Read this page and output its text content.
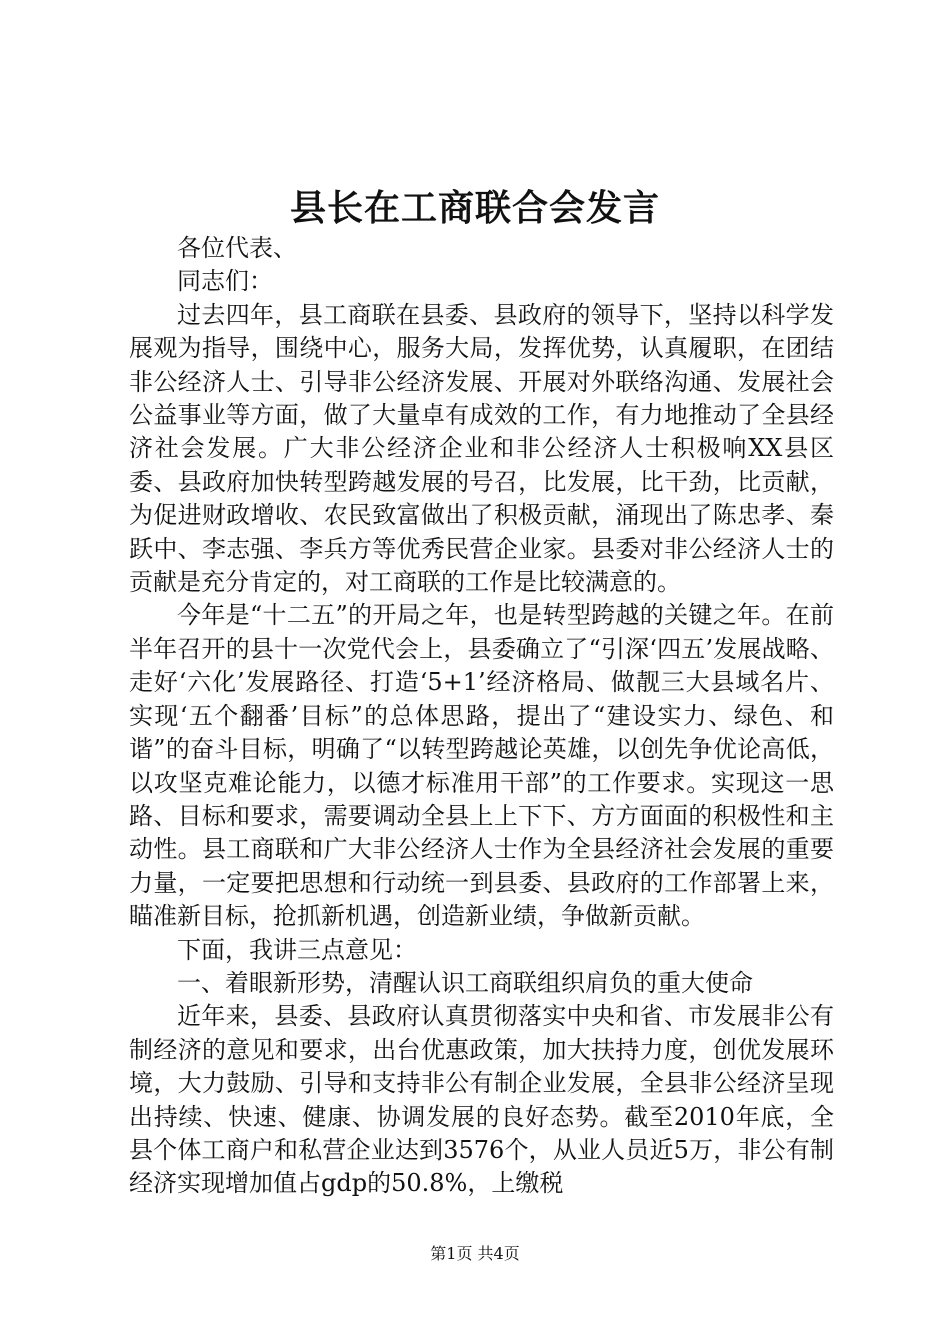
县长在工商联合会发言

各位代表、

同志们：

过去四年，县工商联在县委、县政府的领导下，坚持以科学发展观为指导，围绕中心，服务大局，发挥优势，认真履职，在团结非公经济人士、引导非公经济发展、开展对外联络沟通、发展社会公益事业等方面，做了大量卓有成效的工作，有力地推动了全县经济社会发展。广大非公经济企业和非公经济人士积极响XX县区委、县政府加快转型跨越发展的号召，比发展，比干劲，比贡献，为促进财政增收、农民致富做出了积极贡献，涌现出了陈忠孝、秦跃中、李志强、李兵方等优秀民营企业家。县委对非公经济人士的贡献是充分肯定的，对工商联的工作是比较满意的。

今年是“十二五”的开局之年，也是转型跨越的关键之年。在前半年召开的县十一次党代会上，县委确立了“引深‘四五’发展战略、走好‘六化’发展路径、打造‘5+1’经济格局、做靓三大县域名片、实现‘五个翻番’目标”的总体思路，提出了“建设实力、绿色、和谐”的奋斗目标，明确了“以转型跨越论英雄，以创先争优论高低，以攻坚克难论能力，以德才标准用干部”的工作要求。实现这一思路、目标和要求，需要调动全县上上下下、方方面面的积极性和主动性。县工商联和广大非公经济人士作为全县经济社会发展的重要力量，一定要把思想和行动统一到县委、县政府的工作部署上来，瞄准新目标，抢抓新机遇，创造新业绩，争做新贡献。

下面，我讲三点意见：

一、着眼新形势，清醒认识工商联组织肩负的重大使命

近年来，县委、县政府认真贯彻落实中央和省、市发展非公有制经济的意见和要求，出台优惠政策，加大扶持力度，创优发展环境，大力鼓励、引导和支持非公有制企业发展，全县非公经济呈现出持续、快速、健康、协调发展的良好态势。截至2010年底，全县个体工商户和私营企业达到3576个，从业人员近5万，非公有制经济实现增加值占gdp的50.8%，上缴税

第1页 共4页
